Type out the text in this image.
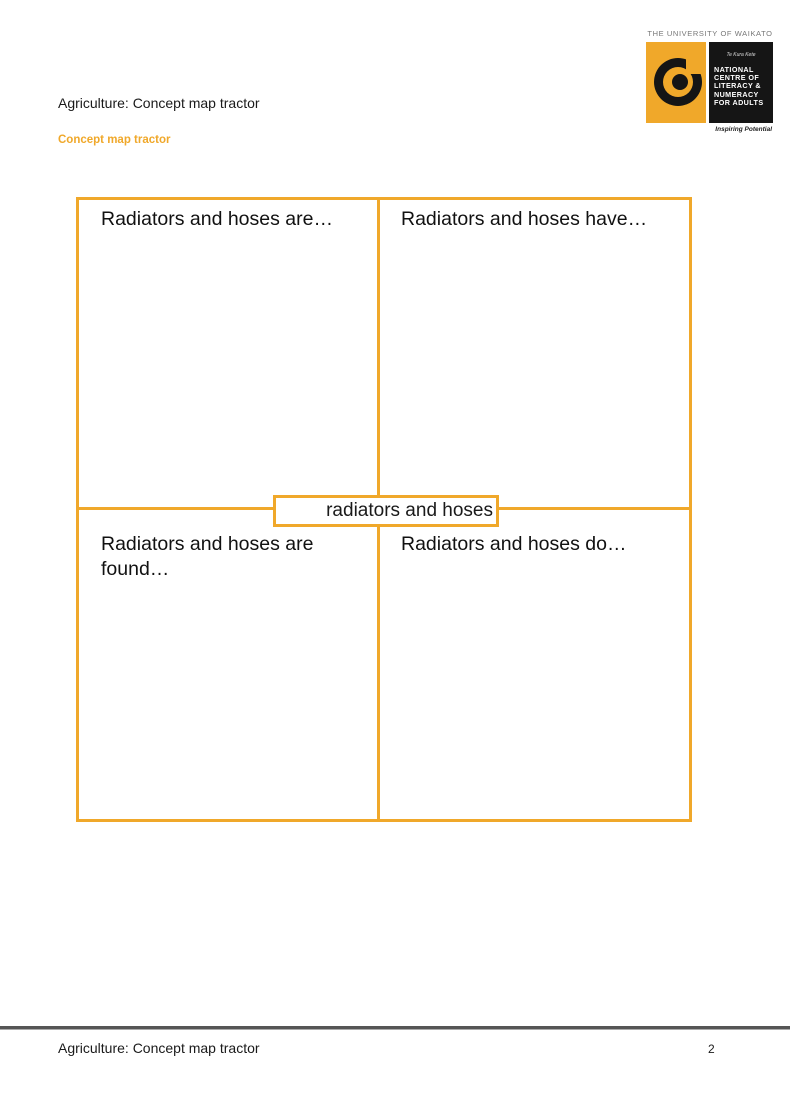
Agriculture: Concept map tractor
Concept map tractor
THE UNIVERSITY OF WAIKATO
Te Kura Kete
NATIONAL
CENTRE OF
LITERACY &
NUMERACY
FOR ADULTS
Inspiring Potential
Radiators and hoses are…	Radiators and hoses have…
Radiators and hoses are found…
Radiators and hoses do…
radiators and hoses
Agriculture: Concept map tractor	2
